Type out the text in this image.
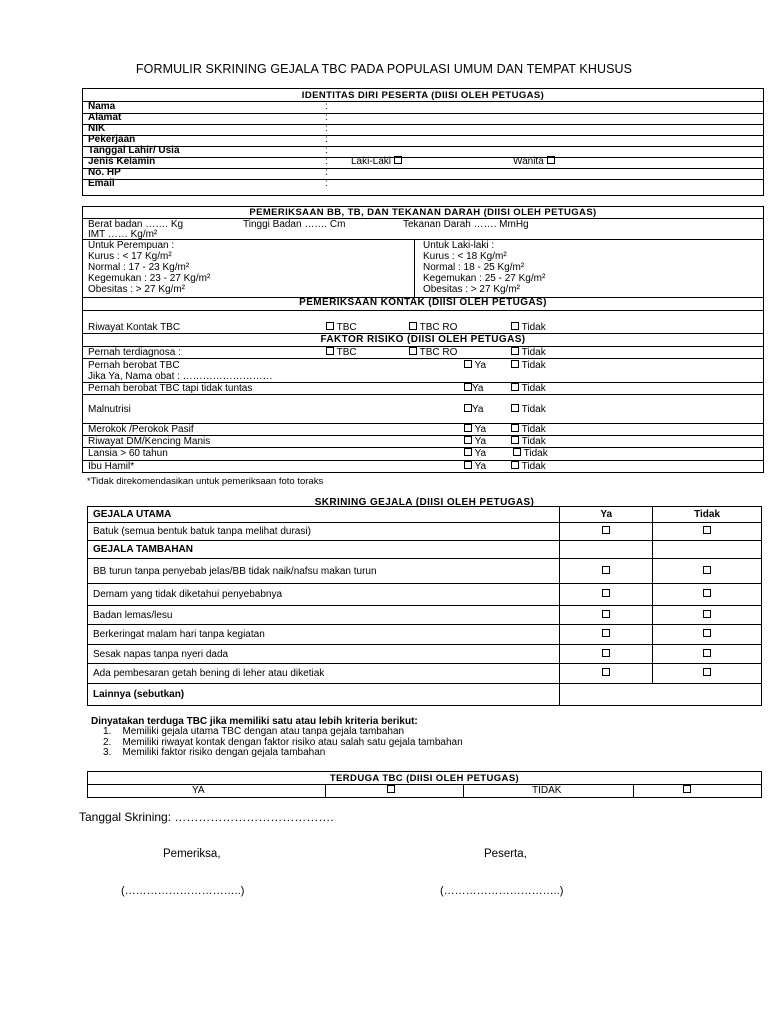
FORMULIR SKRINING GEJALA TBC PADA POPULASI UMUM DAN TEMPAT KHUSUS
IDENTITAS DIRI PESERTA (DIISI OLEH PETUGAS)
Nama	:
Alamat	:
NIK	:
Pekerjaan	:
Tanggal Lahir/ Usia	:
Jenis Kelamin	: Laki-Laki	Wanita
No. HP	:
Email	:
PEMERIKSAAN BB, TB, DAN TEKANAN DARAH (DIISI OLEH PETUGAS)
Berat badan ……. Kg	Tinggi Badan ……. Cm	Tekanan Darah ……. MmHg
IMT …… Kg/m²
Untuk Perempuan :
Kurus : < 17 Kg/m²
Normal : 17 - 23 Kg/m²
Kegemukan : 23 - 27 Kg/m²
Obesitas : > 27 Kg/m²
Untuk Laki-laki :
Kurus : < 18 Kg/m²
Normal : 18 - 25 Kg/m²
Kegemukan : 25 - 27 Kg/m²
Obesitas : > 27 Kg/m²
PEMERIKSAAN KONTAK (DIISI OLEH PETUGAS)
Riwayat Kontak TBC	TBC	TBC RO	Tidak
FAKTOR RISIKO (DIISI OLEH PETUGAS)
Pernah terdiagnosa :	TBC	TBC RO	Tidak
Pernah berobat TBC	Ya	Tidak
Jika Ya, Nama obat : ………………………
Pernah berobat TBC tapi tidak tuntas	Ya	Tidak
Malnutrisi	Ya	Tidak
Merokok /Perokok Pasif	Ya	Tidak
Riwayat DM/Kencing Manis	Ya	Tidak
Lansia > 60 tahun	Ya	Tidak
Ibu Hamil*	Ya	Tidak
*Tidak direkomendasikan untuk pemeriksaan foto toraks
SKRINING GEJALA (DIISI OLEH PETUGAS)
GEJALA UTAMA	Ya	Tidak
Batuk (semua bentuk batuk tanpa melihat durasi)		
GEJALA TAMBAHAN		
BB turun tanpa penyebab jelas/BB tidak naik/nafsu makan turun		
Demam yang tidak diketahui penyebabnya		
Badan lemas/lesu		
Berkeringat malam hari tanpa kegiatan		
Sesak napas tanpa nyeri dada		
Ada pembesaran getah bening di leher atau diketiak		
Lainnya (sebutkan)		
Dinyatakan terduga TBC jika memiliki satu atau lebih kriteria berikut:
1.    Memiliki gejala utama TBC dengan atau tanpa gejala tambahan
2.    Memiliki riwayat kontak dengan faktor risiko atau salah satu gejala tambahan
3.    Memiliki faktor risiko dengan gejala tambahan
TERDUGA TBC (DIISI OLEH PETUGAS)
YA	TIDAK
Tanggal Skrining: ………………………………….
Pemeriksa,	Peserta,
(…………………………..)	(…………………………..)
